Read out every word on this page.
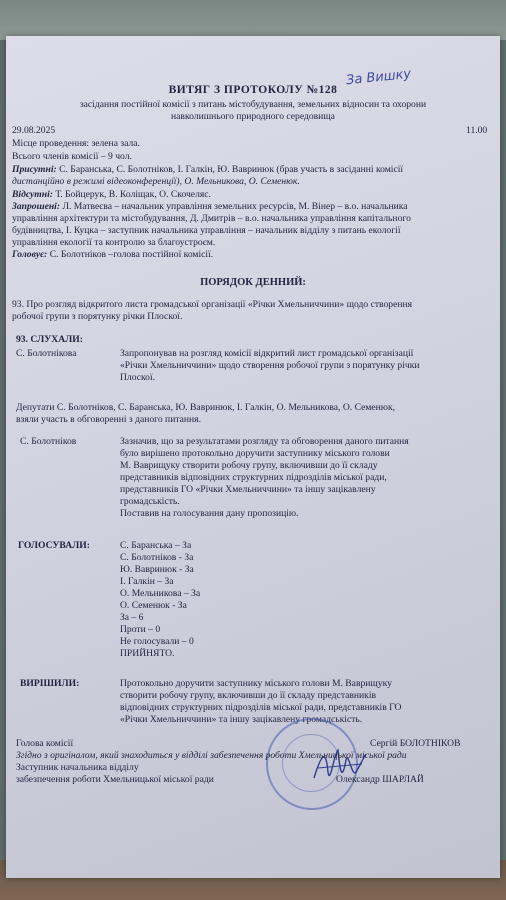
За Вишку
ВИТЯГ З ПРОТОКОЛУ №128
засідання постійної комісії з питань містобудування, земельних відносин та охорони
навколишнього природного середовища
29.08.2025	11.00
Місце проведення: зелена зала.
Всього членів комісії – 9 чол.
Присутні: С. Баранська, С. Болотніков, І. Галкін, Ю. Вавринюк (брав участь в засіданні комісії
дистанційно в режимі відеоконференції), О. Мельникова, О. Семенюк.
Відсутні: Т. Бойцерук, В. Коліщак, О. Скочеляс.
Запрошені: Л. Матвеєва – начальник управління земельних ресурсів, М. Вінер – в.о. начальника
управління архітектури та містобудування, Д. Дмитрів – в.о. начальника управління капітального
будівництва, І. Куцка – заступник начальника управління – начальник відділу з питань екології
управління екології та контролю за благоустроєм.
Головує: С. Болотніков –голова постійної комісії.
ПОРЯДОК ДЕННИЙ:
93. Про розгляд відкритого листа громадської організації «Річки Хмельниччини» щодо створення
робочої групи з порятунку річки Плоскої.
93. СЛУХАЛИ:
С. Болотнікова	Запропонував на розгляд комісії відкритий лист громадської організації
«Річки Хмельниччини» щодо створення робочої групи з порятунку річки
Плоскої.
Депутати С. Болотніков, С. Баранська, Ю. Вавринюк, І. Галкін, О. Мельникова, О. Семенюк,
взяли участь в обговоренні з даного питання.
С. Болотніков	Зазначив, що за результатами розгляду та обговорення даного питання
було вирішено протокольно доручити заступнику міського голови
М. Ваврищуку створити робочу групу, включивши до її складу
представників відповідних структурних підрозділів міської ради,
представників ГО «Річки Хмельниччини» та іншу зацікавлену
громадськість.
Поставив на голосування дану пропозицію.
ГОЛОСУВАЛИ:	С. Баранська – За
С. Болотніков - За
Ю. Вавринюк - За
І. Галкін – За
О. Мельникова – За
О. Семенюк - За
За – 6
Проти – 0
Не голосували – 0
ПРИЙНЯТО.
ВИРІШИЛИ:	Протокольно доручити заступнику міського голови М. Ваврищуку
створити робочу групу, включивши до її складу представників
відповідних структурних підрозділів міської ради, представників ГО
«Річки Хмельниччини» та іншу зацікавлену громадськість.
Голова комісії	Сергій БОЛОТНІКОВ
Згідно з оригіналом, який знаходиться у відділі забезпечення роботи Хмельницької міської ради
Заступник начальника відділу
забезпечення роботи Хмельницької міської ради	Олександр ШАРЛАЙ
